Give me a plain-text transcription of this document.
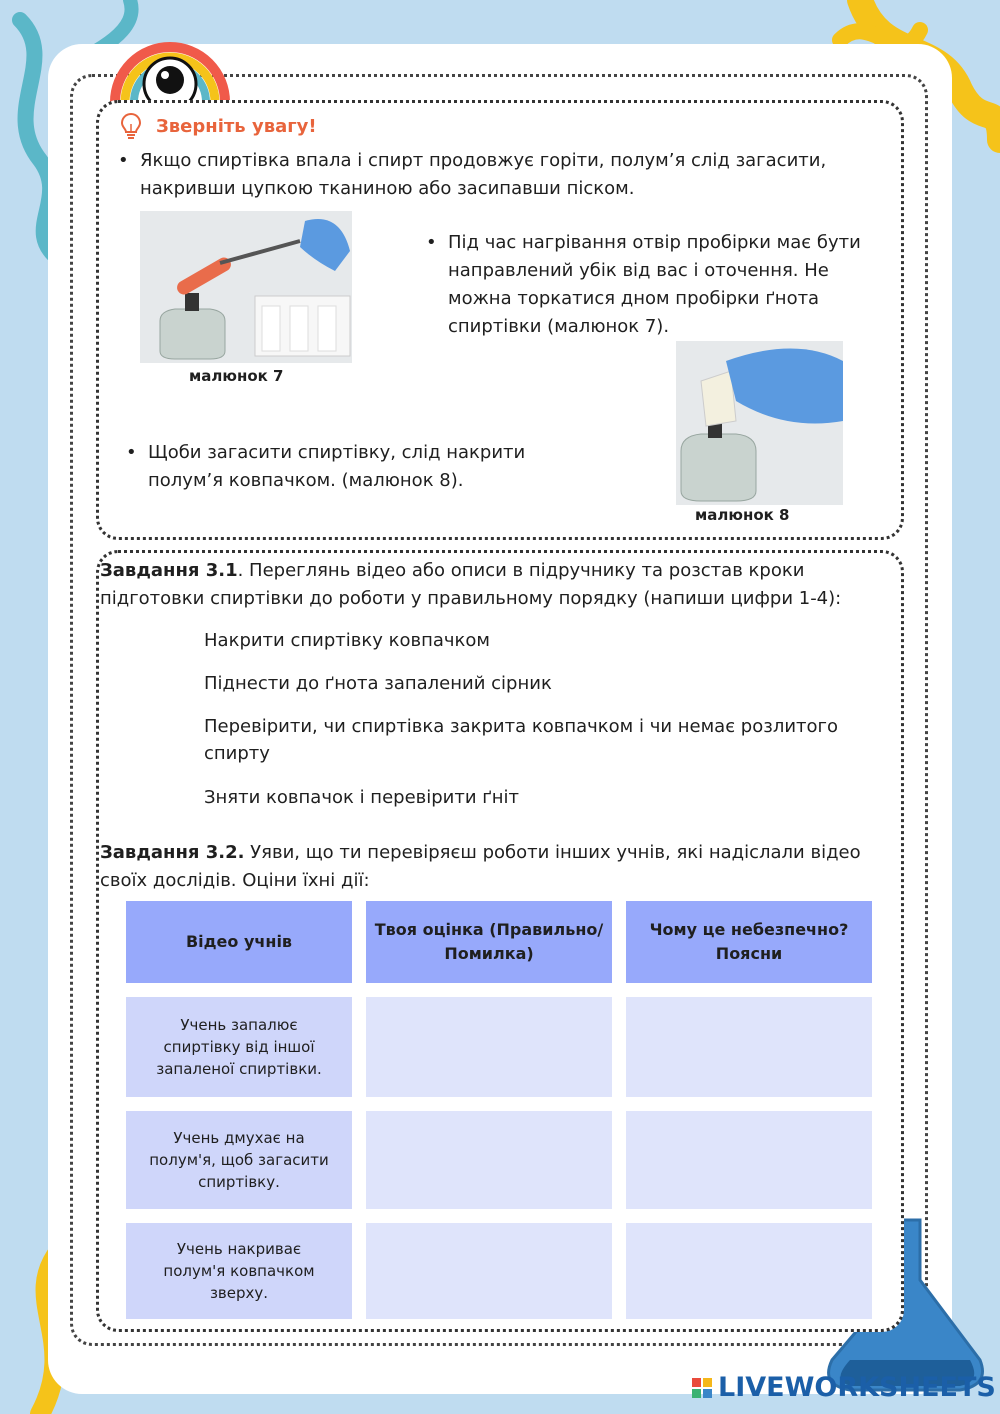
Зверніть увагу!
• Якщо спиртівка впала і спирт продовжує горіти, полум’я слід загасити, накривши цупкою тканиною або засипавши піском.
малюнок 7
• Під час нагрівання отвір пробірки має бути направлений убік від вас і оточення. Не можна торкатися дном пробірки ґнота спиртівки (малюнок 7).
малюнок 8
• Щоби загасити спиртівку, слід накрити полум’я ковпачком. (малюнок 8).
Завдання 3.1. Переглянь відео або описи в підручнику та розстав кроки підготовки спиртівки до роботи у правильному порядку (напиши цифри 1-4):
Накрити спиртівку ковпачком
Піднести до ґнота запалений сірник
Перевірити, чи спиртівка закрита ковпачком і чи немає розлитого спирту
Зняти ковпачок і перевірити ґніт
Завдання 3.2. Уяви, що ти перевіряєш роботи інших учнів, які надіслали відео своїх дослідів. Оціни їхні дії:
Відео учнів	Твоя оцінка (Правильно/Помилка)	Чому це небезпечно? Поясни
Учень запалює спиртівку від іншої запаленої спиртівки.		
Учень дмухає на полум'я, щоб загасити спиртівку.		
Учень накриває полум'я ковпачком зверху.		
LIVEWORKSHEETS
